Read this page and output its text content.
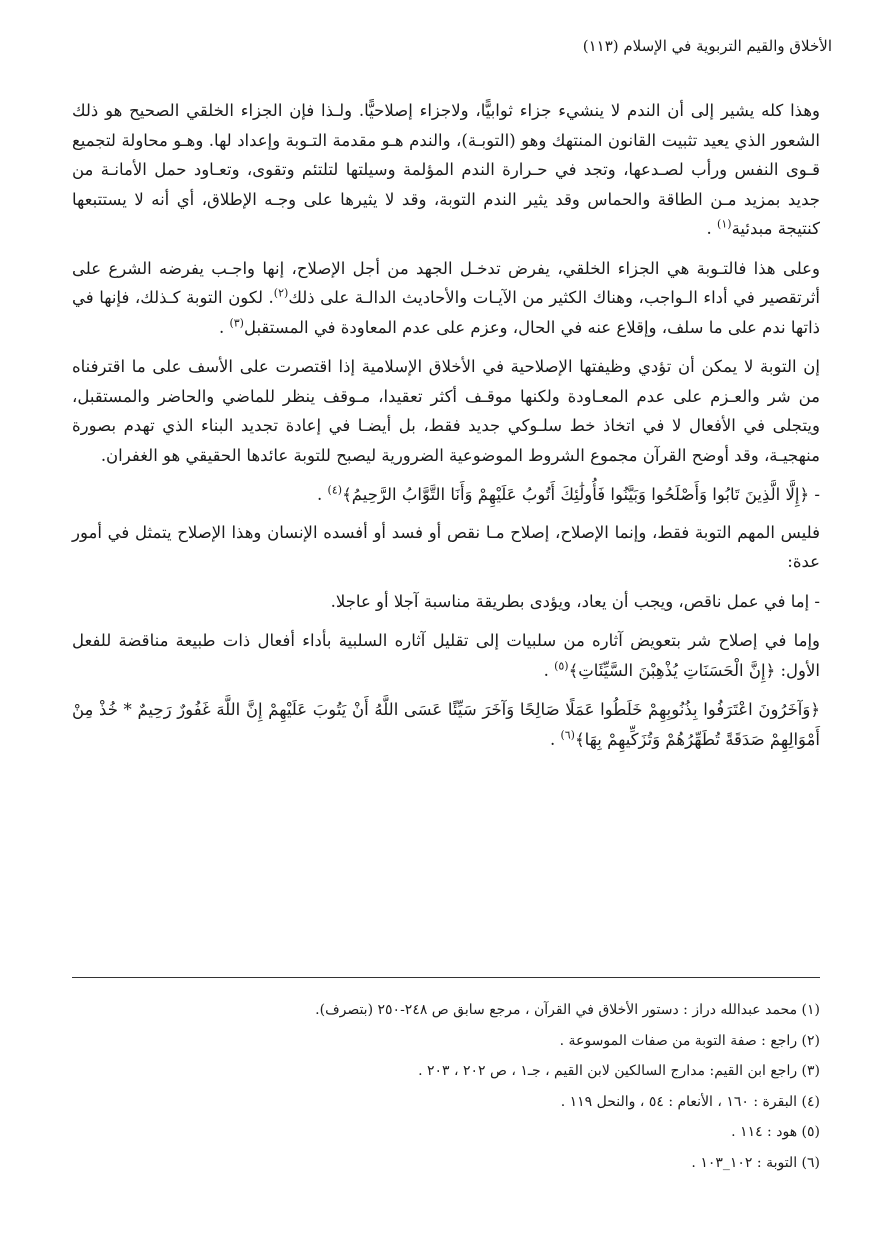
الأخلاق والقيم التربوية في الإسلام (١١٣)

وهذا كله يشير إلى أن الندم لا ينشيء جزاء ثوابيًّا، ولاجزاء إصلاحيًّا. ولـذا فإن الجزاء الخلقي الصحيح هو ذلك الشعور الذي يعيد تثبيت القانون المنتهك وهو (التوبـة)، والندم هـو مقدمة التـوبة وإعداد لها. وهـو محاولة لتجميع قـوى النفس ورأب لصـدعها، وتجد في حـرارة الندم المؤلمة وسيلتها لتلتئم وتقوى، وتعـاود حمل الأمانـة من جديد بمزيد مـن الطاقة والحماس وقد يثير الندم التوبة، وقد لا يثيرها على وجـه الإطلاق، أي أنه لا يستتبعها كنتيجة مبدئية$^{(١)}$ .

وعلى هذا فالتـوبة هي الجزاء الخلقي، يفرض تدخـل الجهد من أجل الإصلاح، إنها واجـب يفرضه الشرع على أثرتقصير في أداء الـواجب، وهناك الكثير من الآيـات والأحاديث الدالـة على ذلك$^{(٢)}$. لكون التوبة كـذلك، فإنها في ذاتها ندم على ما سلف، وإقلاع عنه في الحال، وعزم على عدم المعاودة في المستقبل$^{(٣)}$ .

إن التوبة لا يمكن أن تؤدي وظيفتها الإصلاحية في الأخلاق الإسلامية إذا اقتصرت على الأسف على ما اقترفناه من شر والعـزم على عدم المعـاودة ولكنها موقـف أكثر تعقيدا، مـوقف ينظر للماضي والحاضر والمستقبل، ويتجلى في الأفعال لا في اتخاذ خط سلـوكي جديد فقط، بل أيضـا في إعادة تجديد البناء الذي تهدم بصورة منهجيـة، وقد أوضح القرآن مجموع الشروط الموضوعية الضرورية ليصبح للتوبة عائدها الحقيقي هو الغفران.

- ﴿إِلَّا الَّذِينَ تَابُوا وَأَصْلَحُوا وَبَيَّنُوا فَأُولَٰئِكَ أَتُوبُ عَلَيْهِمْ وَأَنَا التَّوَّابُ الرَّحِيمُ﴾$^{(٤)}$ .

فليس المهم التوبة فقط، وإنما الإصلاح، إصلاح مـا نقص أو فسد أو أفسده الإنسان وهذا الإصلاح يتمثل في أمور عدة:

- إما في عمل ناقص، ويجب أن يعاد، ويؤدى بطريقة مناسبة آجلا أو عاجلا.

وإما في إصلاح شر بتعويض آثاره من سلبيات إلى تقليل آثاره السلبية بأداء أفعال ذات طبيعة مناقضة للفعل الأول: ﴿إِنَّ الْحَسَنَاتِ يُذْهِبْنَ السَّيِّئَاتِ﴾$^{(٥)}$ .

﴿وَآخَرُونَ اعْتَرَفُوا بِذُنُوبِهِمْ خَلَطُوا عَمَلًا صَالِحًا وَآخَرَ سَيِّئًا عَسَى اللَّهُ أَنْ يَتُوبَ عَلَيْهِمْ إِنَّ اللَّهَ غَفُورٌ رَحِيمٌ * خُذْ مِنْ أَمْوَالِهِمْ صَدَقَةً تُطَهِّرُهُمْ وَتُزَكِّيهِمْ بِهَا﴾$^{(٦)}$ .

(١) محمد عبدالله دراز : دستور الأخلاق في القرآن ، مرجع سابق ص ٢٤٨-٢٥٠ (بتصرف).
(٢) راجع : صفة التوبة من صفات الموسوعة .
(٣) راجع ابن القيم: مدارج السالكين لابن القيم ، جـ١ ، ص ٢٠٢ ، ٢٠٣ .
(٤) البقرة : ١٦٠ ، الأنعام : ٥٤ ، والنحل ١١٩ .
(٥) هود : ١١٤ .
(٦) التوبة : ١٠٢_١٠٣ .
